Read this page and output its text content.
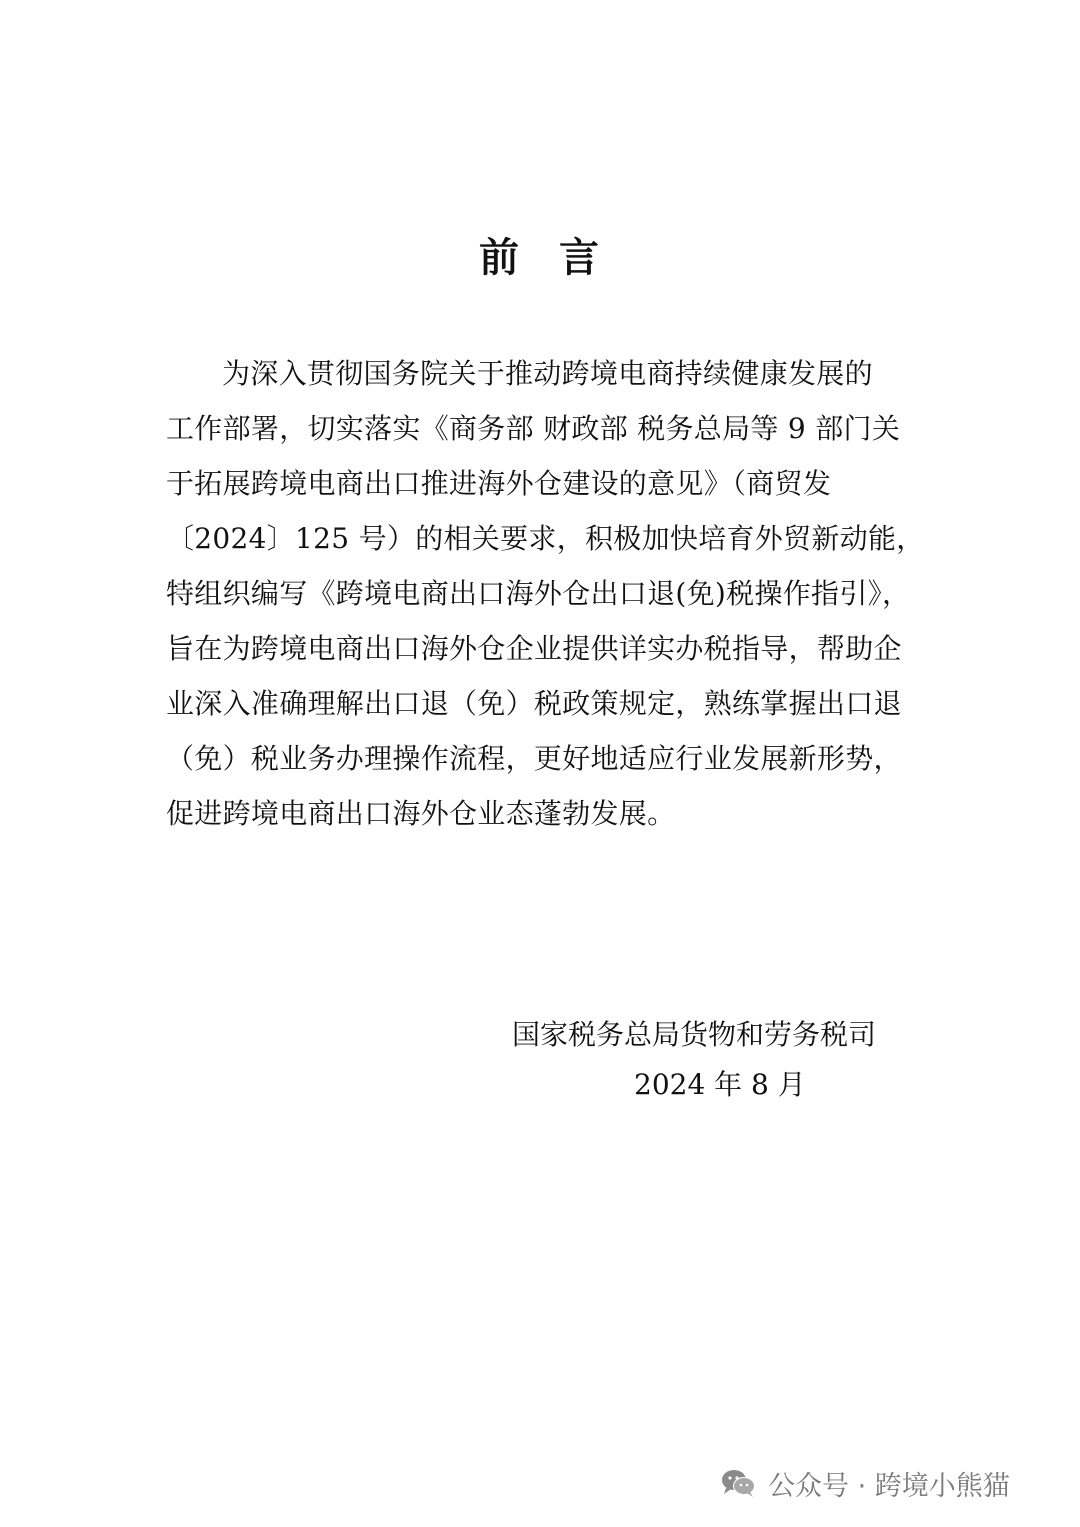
前 言
为深入贯彻国务院关于推动跨境电商持续健康发展的
工作部署，切实落实《商务部 财政部 税务总局等 9 部门关
于拓展跨境电商出口推进海外仓建设的意见》（商贸发
〔2024〕125 号）的相关要求，积极加快培育外贸新动能，
特组织编写《跨境电商出口海外仓出口退(免)税操作指引》，
旨在为跨境电商出口海外仓企业提供详实办税指导，帮助企
业深入准确理解出口退（免）税政策规定，熟练掌握出口退
（免）税业务办理操作流程，更好地适应行业发展新形势，
促进跨境电商出口海外仓业态蓬勃发展。
国家税务总局货物和劳务税司
2024 年 8 月
公众号 · 跨境小熊猫
